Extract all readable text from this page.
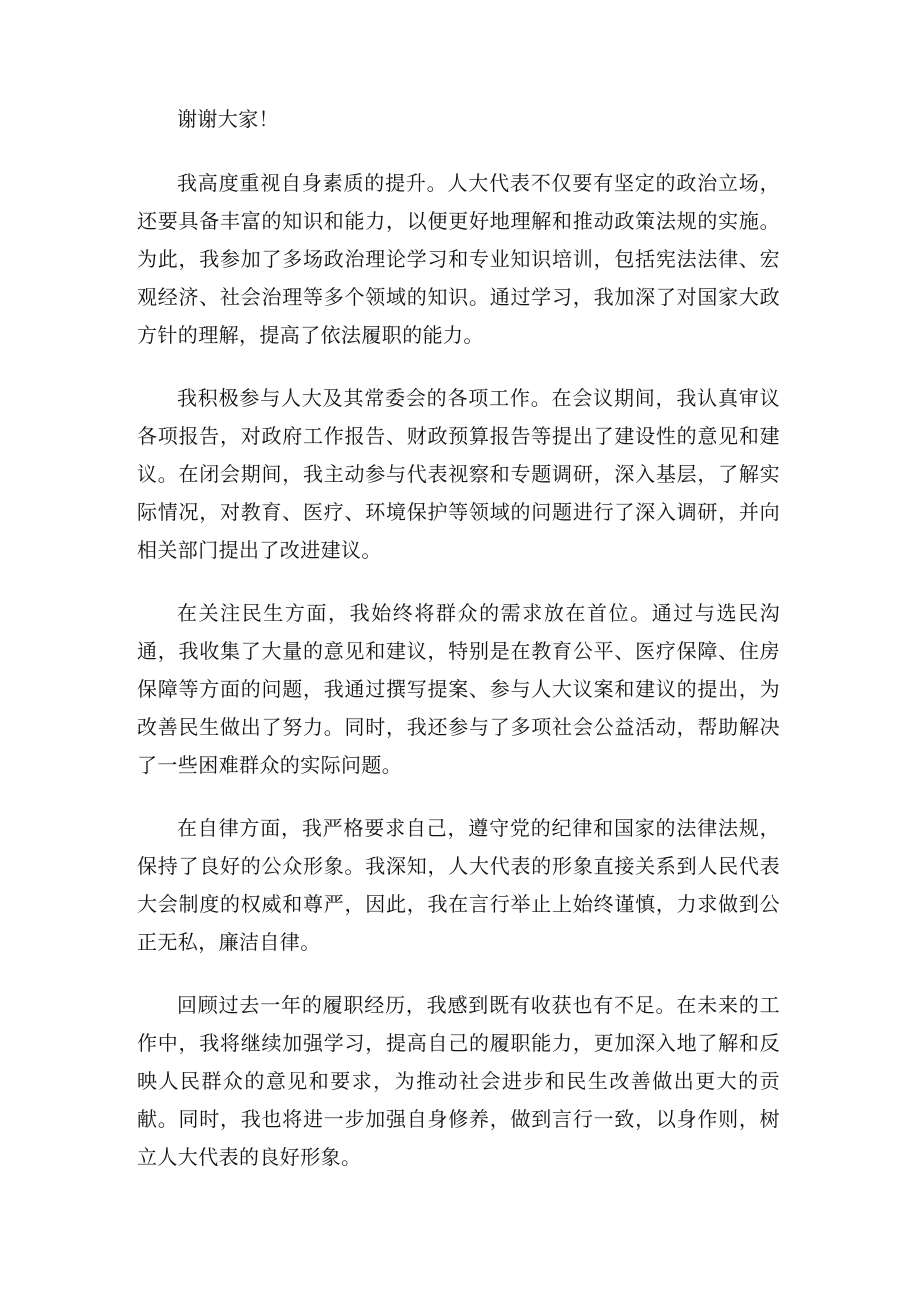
谢谢大家！

我高度重视自身素质的提升。人大代表不仅要有坚定的政治立场，还要具备丰富的知识和能力，以便更好地理解和推动政策法规的实施。为此，我参加了多场政治理论学习和专业知识培训，包括宪法法律、宏观经济、社会治理等多个领域的知识。通过学习，我加深了对国家大政方针的理解，提高了依法履职的能力。

我积极参与人大及其常委会的各项工作。在会议期间，我认真审议各项报告，对政府工作报告、财政预算报告等提出了建设性的意见和建议。在闭会期间，我主动参与代表视察和专题调研，深入基层，了解实际情况，对教育、医疗、环境保护等领域的问题进行了深入调研，并向相关部门提出了改进建议。

在关注民生方面，我始终将群众的需求放在首位。通过与选民沟通，我收集了大量的意见和建议，特别是在教育公平、医疗保障、住房保障等方面的问题，我通过撰写提案、参与人大议案和建议的提出，为改善民生做出了努力。同时，我还参与了多项社会公益活动，帮助解决了一些困难群众的实际问题。

在自律方面，我严格要求自己，遵守党的纪律和国家的法律法规，保持了良好的公众形象。我深知，人大代表的形象直接关系到人民代表大会制度的权威和尊严，因此，我在言行举止上始终谨慎，力求做到公正无私，廉洁自律。

回顾过去一年的履职经历，我感到既有收获也有不足。在未来的工作中，我将继续加强学习，提高自己的履职能力，更加深入地了解和反映人民群众的意见和要求，为推动社会进步和民生改善做出更大的贡献。同时，我也将进一步加强自身修养，做到言行一致，以身作则，树立人大代表的良好形象。
